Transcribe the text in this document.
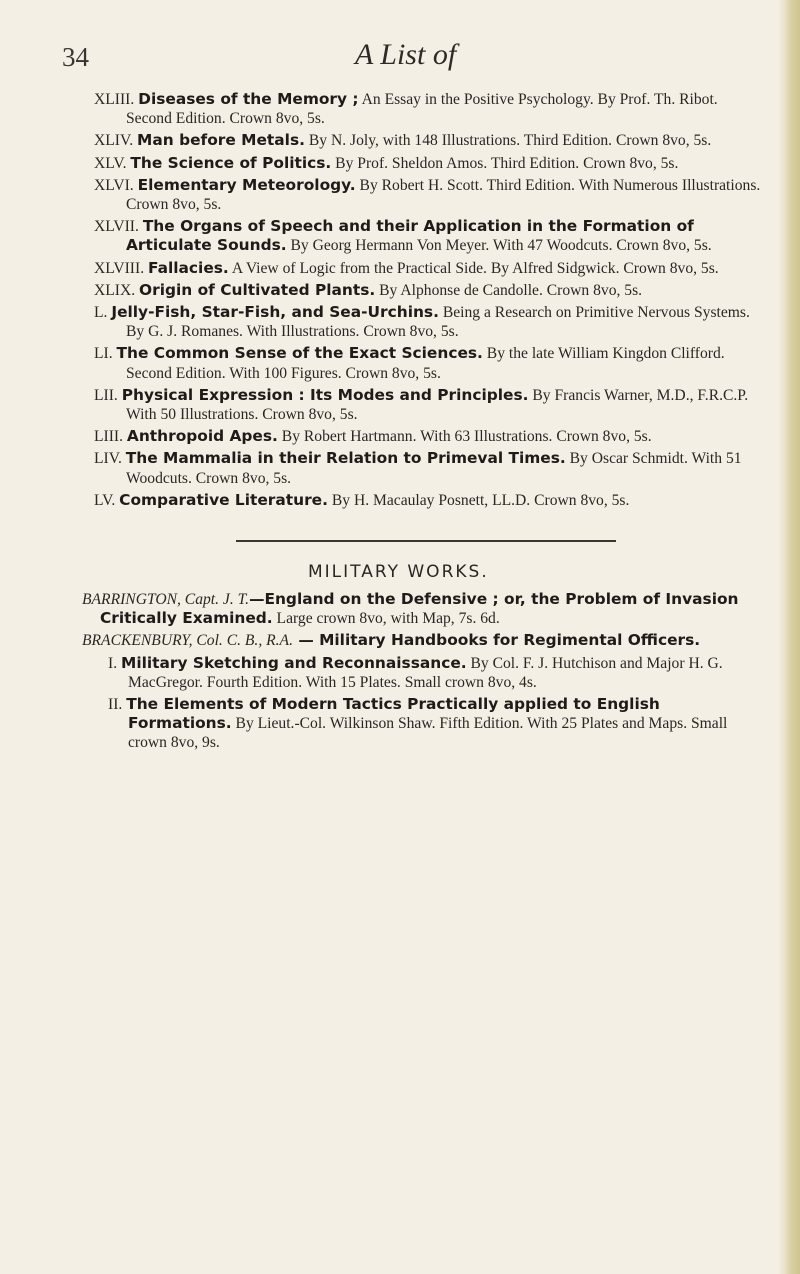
34	A List of
XLIII. Diseases of the Memory ; An Essay in the Positive Psychology. By Prof. Th. Ribot. Second Edition. Crown 8vo, 5s.
XLIV. Man before Metals. By N. Joly, with 148 Illustrations. Third Edition. Crown 8vo, 5s.
XLV. The Science of Politics. By Prof. Sheldon Amos. Third Edition. Crown 8vo, 5s.
XLVI. Elementary Meteorology. By Robert H. Scott. Third Edition. With Numerous Illustrations. Crown 8vo, 5s.
XLVII. The Organs of Speech and their Application in the Formation of Articulate Sounds. By Georg Hermann Von Meyer. With 47 Woodcuts. Crown 8vo, 5s.
XLVIII. Fallacies. A View of Logic from the Practical Side. By Alfred Sidgwick. Crown 8vo, 5s.
XLIX. Origin of Cultivated Plants. By Alphonse de Candolle. Crown 8vo, 5s.
L. Jelly-Fish, Star-Fish, and Sea-Urchins. Being a Research on Primitive Nervous Systems. By G. J. Romanes. With Illustrations. Crown 8vo, 5s.
LI. The Common Sense of the Exact Sciences. By the late William Kingdon Clifford. Second Edition. With 100 Figures. Crown 8vo, 5s.
LII. Physical Expression : Its Modes and Principles. By Francis Warner, M.D., F.R.C.P. With 50 Illustrations. Crown 8vo, 5s.
LIII. Anthropoid Apes. By Robert Hartmann. With 63 Illustrations. Crown 8vo, 5s.
LIV. The Mammalia in their Relation to Primeval Times. By Oscar Schmidt. With 51 Woodcuts. Crown 8vo, 5s.
LV. Comparative Literature. By H. Macaulay Posnett, LL.D. Crown 8vo, 5s.
MILITARY WORKS.
BARRINGTON, Capt. J. T.—England on the Defensive ; or, the Problem of Invasion Critically Examined. Large crown 8vo, with Map, 7s. 6d.
BRACKENBURY, Col. C. B., R.A. — Military Handbooks for Regimental Officers.
I. Military Sketching and Reconnaissance. By Col. F. J. Hutchison and Major H. G. MacGregor. Fourth Edition. With 15 Plates. Small crown 8vo, 4s.
II. The Elements of Modern Tactics Practically applied to English Formations. By Lieut.-Col. Wilkinson Shaw. Fifth Edition. With 25 Plates and Maps. Small crown 8vo, 9s.
